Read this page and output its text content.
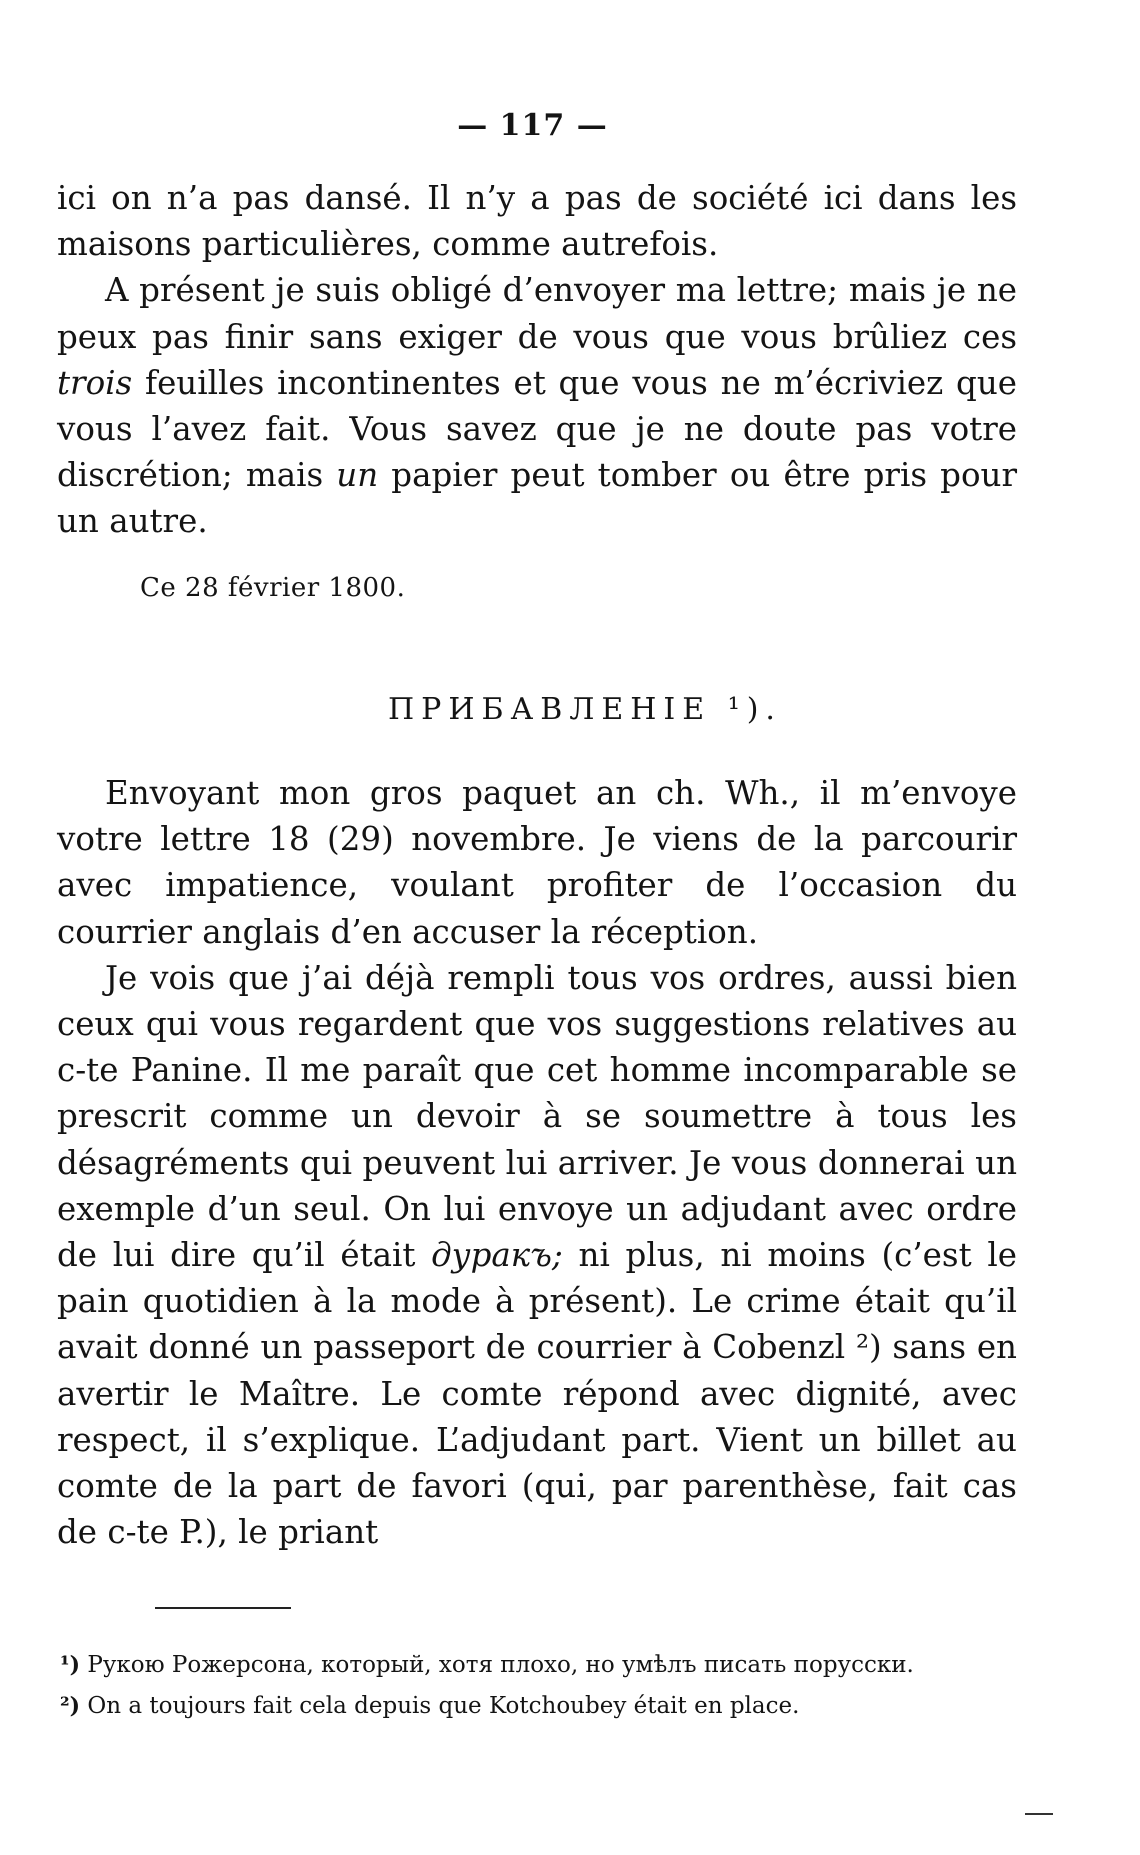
— 117 —

ici on n’a pas dansé. Il n’y a pas de société ici dans les maisons particulières, comme autrefois.

A présent je suis obligé d’envoyer ma lettre; mais je ne peux pas finir sans exiger de vous que vous brûliez ces trois feuilles incontinentes et que vous ne m’écriviez que vous l’avez fait. Vous savez que je ne doute pas votre discrétion; mais un papier peut tomber ou être pris pour un autre.

Ce 28 février 1800.
ПРИБАВЛЕНІЕ ¹).

Envoyant mon gros paquet an ch. Wh., il m’envoye votre lettre 18 (29) novembre. Je viens de la parcourir avec impatience, voulant profiter de l’occasion du courrier anglais d’en accuser la réception.

Je vois que j’ai déjà rempli tous vos ordres, aussi bien ceux qui vous regardent que vos suggestions relatives au c-te Panine. Il me paraît que cet homme incomparable se prescrit comme un devoir à se soumettre à tous les désagréments qui peuvent lui arriver. Je vous donnerai un exemple d’un seul. On lui envoye un adjudant avec ordre de lui dire qu’il était дуракъ; ni plus, ni moins (c’est le pain quotidien à la mode à présent). Le crime était qu’il avait donné un passeport de courrier à Cobenzl ²) sans en avertir le Maître. Le comte répond avec dignité, avec respect, il s’explique. L’adjudant part. Vient un billet au comte de la part de favori (qui, par parenthèse, fait cas de c-te P.), le priant

¹) Рукою Рожерсона, который, хотя плохо, но умѣлъ писать порусски.
²) On a toujours fait cela depuis que Kotchoubey était en place.
